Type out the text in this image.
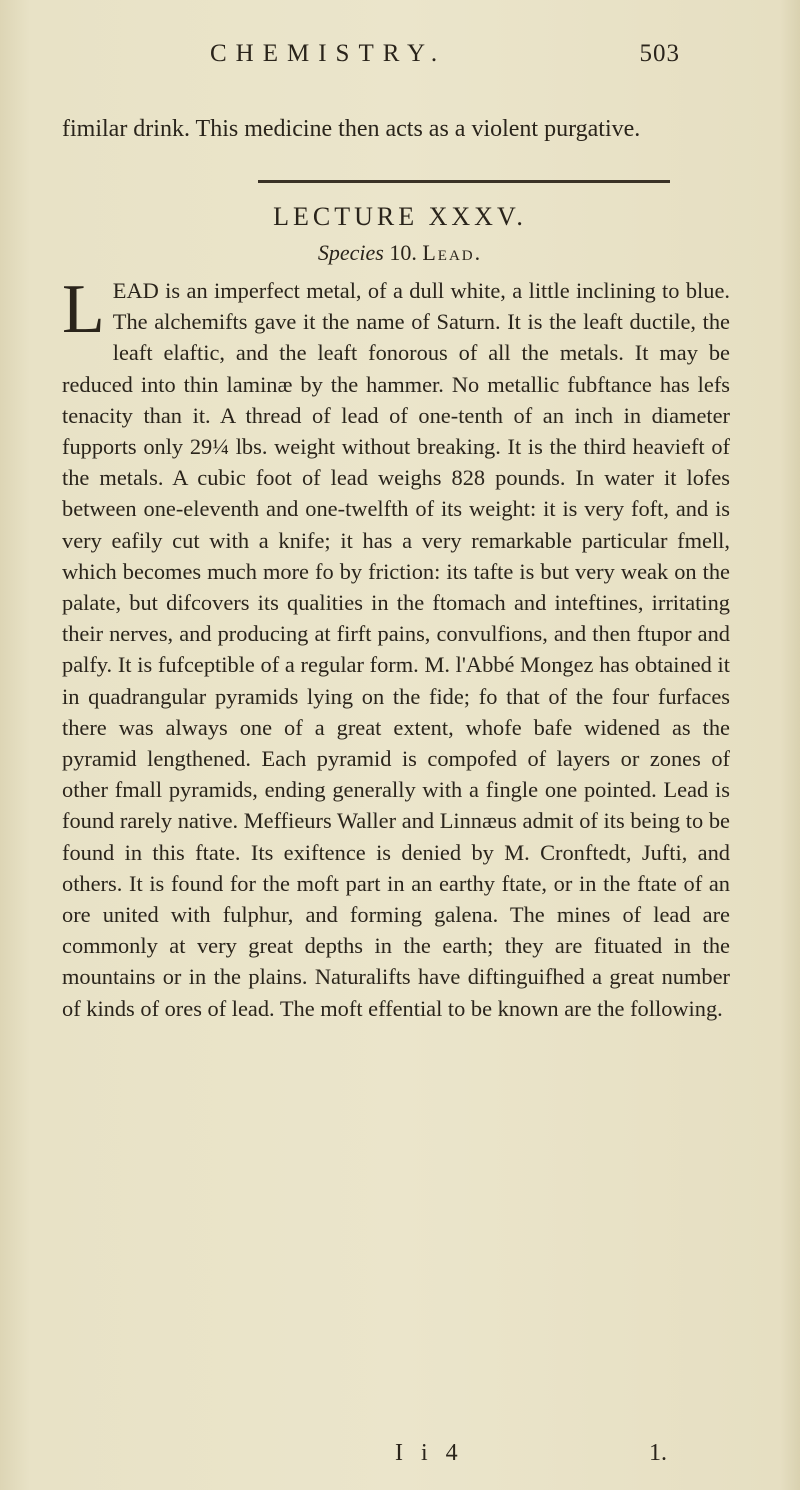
CHEMISTRY.	503
fimilar drink. This medicine then acts as a violent purgative.
LECTURE XXXV.
Species 10. Lead.
L EAD is an imperfect metal, of a dull white, a little inclining to blue. The alchemifts gave it the name of Saturn. It is the leaft ductile, the leaft elaftic, and the leaft fonorous of all the metals. It may be reduced into thin laminæ by the hammer. No metallic fubftance has lefs tenacity than it. A thread of lead of one-tenth of an inch in diameter fupports only 29¼ lbs. weight without breaking. It is the third heavieft of the metals. A cubic foot of lead weighs 828 pounds. In water it lofes between one-eleventh and one-twelfth of its weight: it is very foft, and is very eafily cut with a knife; it has a very remarkable particular fmell, which becomes much more fo by friction: its tafte is but very weak on the palate, but difcovers its qualities in the ftomach and inteftines, irritating their nerves, and producing at firft pains, convulfions, and then ftupor and palfy. It is fufceptible of a regular form. M. l'Abbé Mongez has obtained it in quadrangular pyramids lying on the fide; fo that of the four furfaces there was always one of a great extent, whofe bafe widened as the pyramid lengthened. Each pyramid is compofed of layers or zones of other fmall pyramids, ending generally with a fingle one pointed. Lead is found rarely native. Meffieurs Waller and Linnæus admit of its being to be found in this ftate. Its exiftence is denied by M. Cronftedt, Jufti, and others. It is found for the moft part in an earthy ftate, or in the ftate of an ore united with fulphur, and forming galena. The mines of lead are commonly at very great depths in the earth; they are fituated in the mountains or in the plains. Naturalifts have diftinguifhed a great number of kinds of ores of lead. The moft effential to be known are the following.
I i 4	1.
